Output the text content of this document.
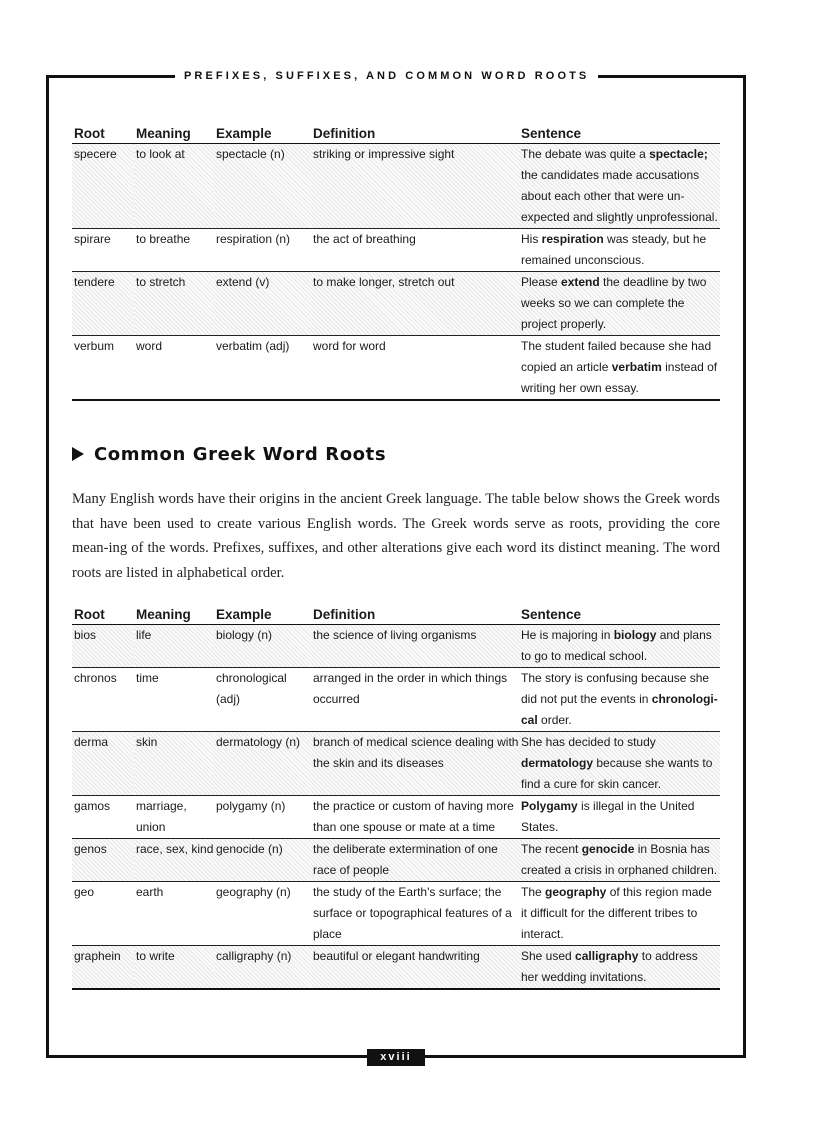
PREFIXES, SUFFIXES, AND COMMON WORD ROOTS
Root	Meaning	Example	Definition	Sentence
specere	to look at	spectacle (n)	striking or impressive sight	The debate was quite a spectacle; the candidates made accusations about each other that were un-expected and slightly unprofessional.
spirare	to breathe	respiration (n)	the act of breathing	His respiration was steady, but he remained unconscious.
tendere	to stretch	extend (v)	to make longer, stretch out	Please extend the deadline by two weeks so we can complete the project properly.
verbum	word	verbatim (adj)	word for word	The student failed because she had copied an article verbatim instead of writing her own essay.
Common Greek Word Roots

Many English words have their origins in the ancient Greek language. The table below shows the Greek words that have been used to create various English words. The Greek words serve as roots, providing the core mean-ing of the words. Prefixes, suffixes, and other alterations give each word its distinct meaning. The word roots are listed in alphabetical order.

Root	Meaning	Example	Definition	Sentence
bios	life	biology (n)	the science of living organisms	He is majoring in biology and plans to go to medical school.
chronos	time	chronological (adj)	arranged in the order in which things occurred	The story is confusing because she did not put the events in chronologi-cal order.
derma	skin	dermatology (n)	branch of medical science dealing with the skin and its diseases	She has decided to study dermatology because she wants to find a cure for skin cancer.
gamos	marriage, union	polygamy (n)	the practice or custom of having more than one spouse or mate at a time	Polygamy is illegal in the United States.
genos	race, sex, kind	genocide (n)	the deliberate extermination of one race of people	The recent genocide in Bosnia has created a crisis in orphaned children.
geo	earth	geography (n)	the study of the Earth's surface; the surface or topographical features of a place	The geography of this region made it difficult for the different tribes to interact.
graphein	to write	calligraphy (n)	beautiful or elegant handwriting	She used calligraphy to address her wedding invitations.
xviii
